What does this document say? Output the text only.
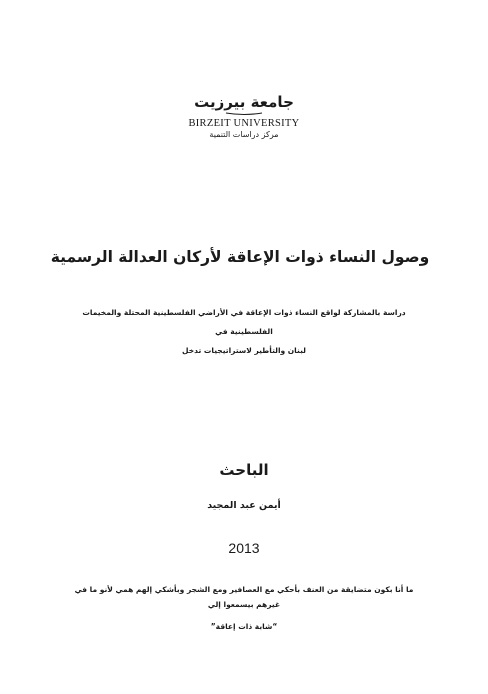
جامعة بيرزيت
BIRZEIT UNIVERSITY
مركز دراسات التنمية
وصول النساء ذوات الإعاقة لأركان العدالة الرسمية
دراسة بالمشاركة لواقع النساء ذوات الإعاقة في الأراضي الفلسطينية المحتلة والمخيمات الفلسطينية في
لبنان والتأطير لاستراتيجيات تدخل
الباحث
أيمن عبد المجيد
2013
ما أنا بكون متضايقة من العنف بأحكي مع العصافير ومع الشجر وبأشكي إلهم همي لأنو ما في
غيرهم بيسمعوا إلي
“شابة ذات إعاقة”
